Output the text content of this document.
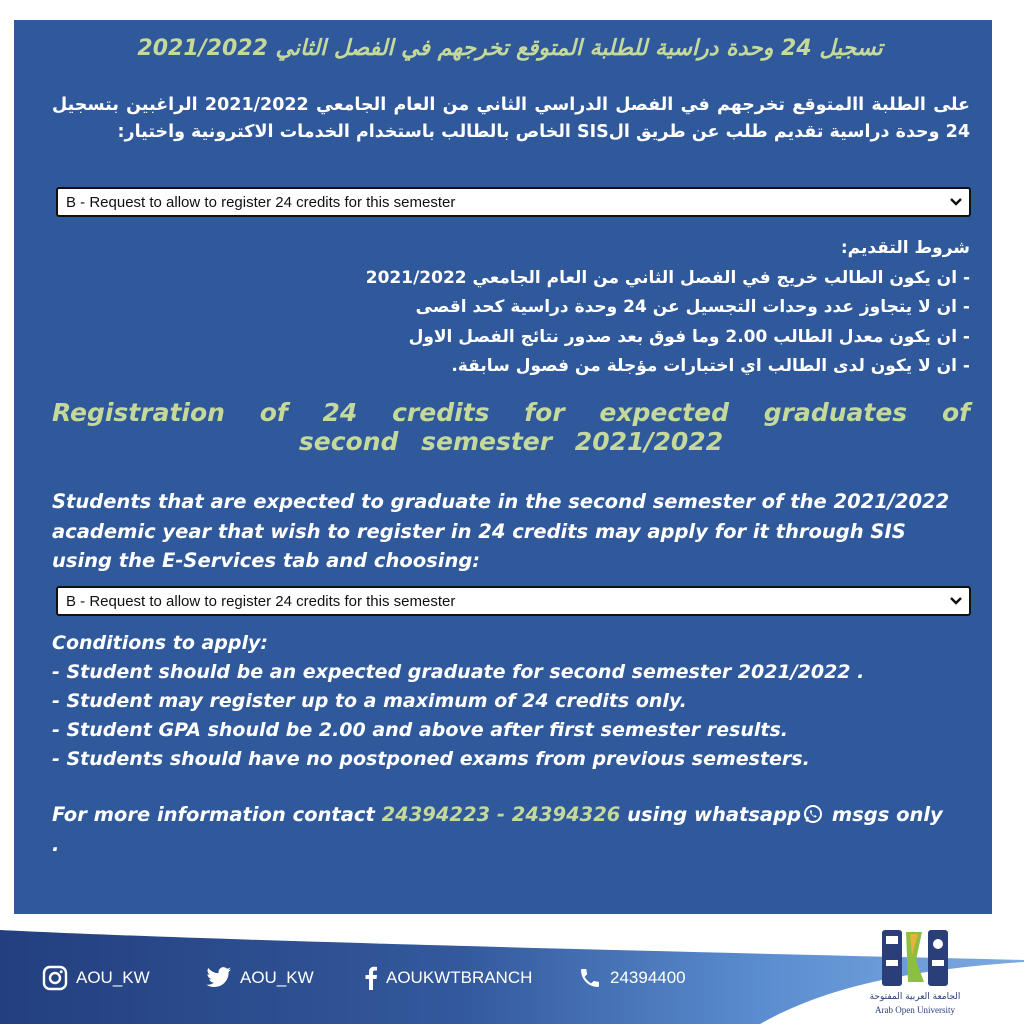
تسجيل 24 وحدة دراسية للطلبة المتوقع تخرجهم في الفصل الثاني 2021/2022
على الطلبة االمتوقع تخرجهم في الفصل الدراسي الثاني من العام الجامعي 2021/2022 الراغبين بتسجيل 24 وحدة دراسية تقديم طلب عن طريق الSIS الخاص بالطالب باستخدام الخدمات الاكترونية واختيار:
B - Request to allow to register 24 credits for this semester
شروط التقديم:
- ان يكون الطالب خريج في الفصل الثاني من العام الجامعي 2021/2022
- ان لا يتجاوز عدد وحدات التجسيل عن 24 وحدة دراسية كحد اقصى
- ان يكون معدل الطالب 2.00 وما فوق بعد صدور نتائج الفصل الاول
- ان لا يكون لدى الطالب اي اختبارات مؤجلة من فصول سابقة.
Registration of 24 credits for expected graduates of second semester 2021/2022
Students that are expected to graduate in the second semester of the 2021/2022 academic year that wish to register in 24 credits may apply for it through SIS using the E-Services tab and choosing:
B - Request to allow to register 24 credits for this semester
Conditions to apply:
- Student should be an expected graduate for second semester 2021/2022 .
- Student may register up to a maximum of 24 credits only.
- Student GPA should be 2.00 and above after first semester results.
- Students should have no postponed exams from previous semesters.
For more information contact 24394223 - 24394326 using whatsapp msgs only
.
AOU_KW	AOU_KW	AOUKWTBRANCH	24394400
الجامعة العربية المفتوحة
Arab Open University
